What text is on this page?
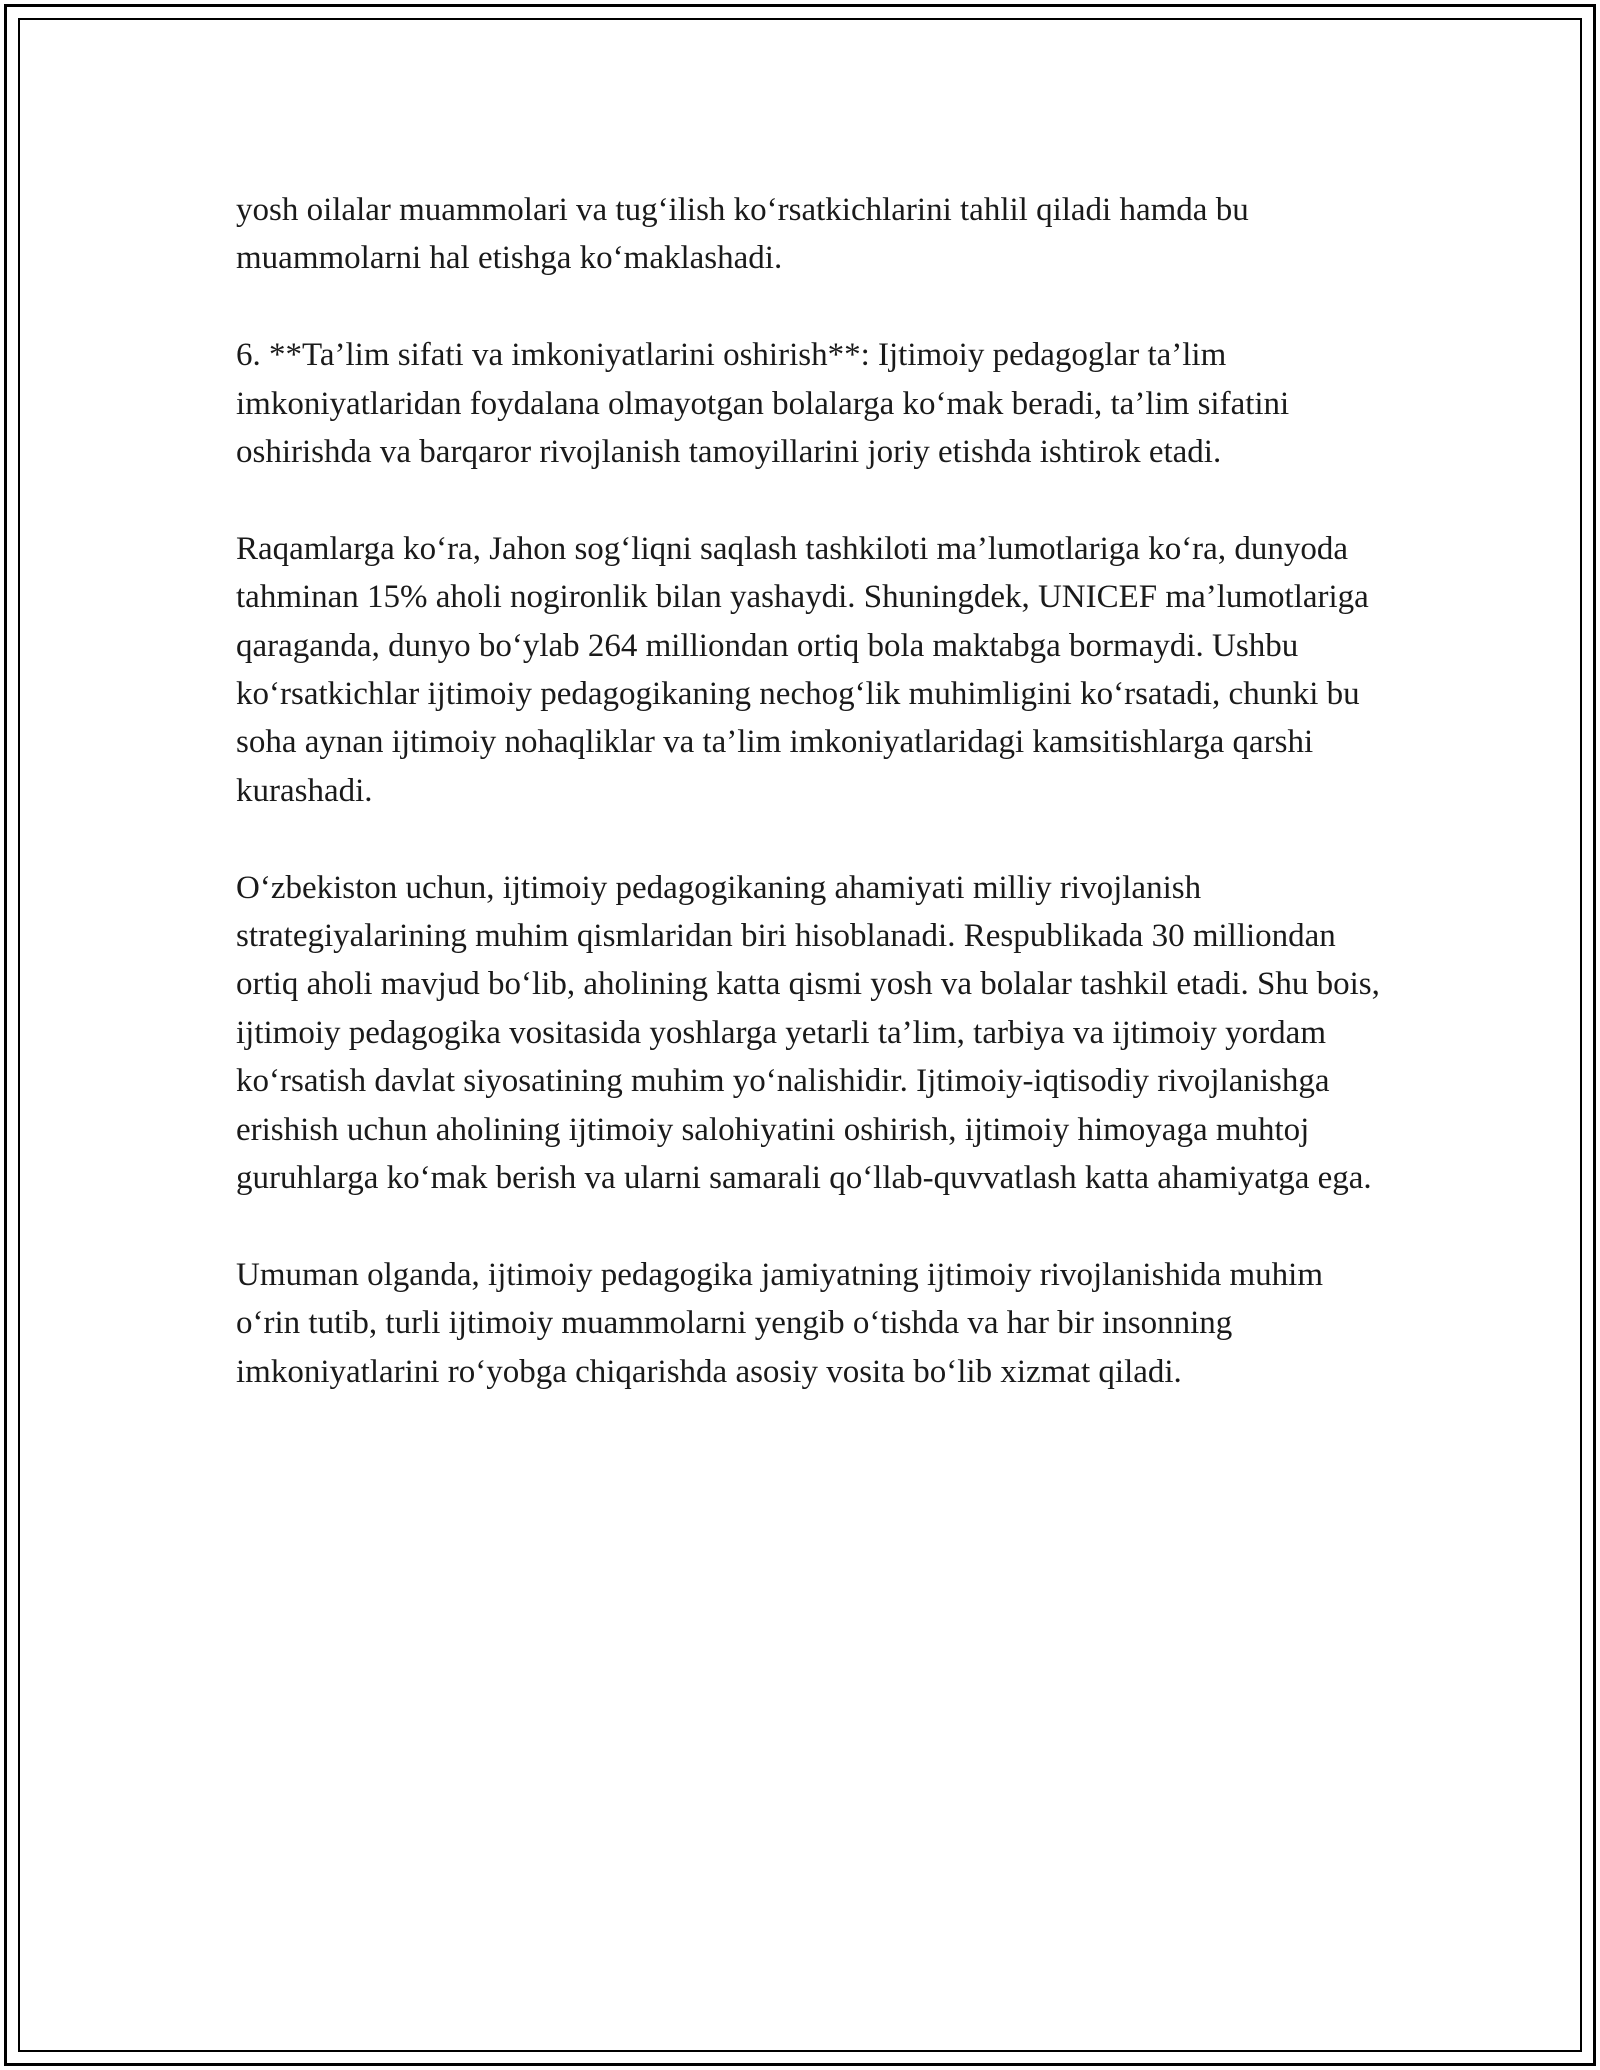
yosh oilalar muammolari va tug‘ilish ko‘rsatkichlarini tahlil qiladi hamda bu muammolarni hal etishga ko‘maklashadi.

6. **Ta’lim sifati va imkoniyatlarini oshirish**: Ijtimoiy pedagoglar ta’lim imkoniyatlaridan foydalana olmayotgan bolalarga ko‘mak beradi, ta’lim sifatini oshirishda va barqaror rivojlanish tamoyillarini joriy etishda ishtirok etadi.

Raqamlarga ko‘ra, Jahon sog‘liqni saqlash tashkiloti ma’lumotlariga ko‘ra, dunyoda tahminan 15% aholi nogironlik bilan yashaydi. Shuningdek, UNICEF ma’lumotlariga qaraganda, dunyo bo‘ylab 264 milliondan ortiq bola maktabga bormaydi. Ushbu ko‘rsatkichlar ijtimoiy pedagogikaning nechog‘lik muhimligini ko‘rsatadi, chunki bu soha aynan ijtimoiy nohaqliklar va ta’lim imkoniyatlaridagi kamsitishlarga qarshi kurashadi.

O‘zbekiston uchun, ijtimoiy pedagogikaning ahamiyati milliy rivojlanish strategiyalarining muhim qismlaridan biri hisoblanadi. Respublikada 30 milliondan ortiq aholi mavjud bo‘lib, aholining katta qismi yosh va bolalar tashkil etadi. Shu bois, ijtimoiy pedagogika vositasida yoshlarga yetarli ta’lim, tarbiya va ijtimoiy yordam ko‘rsatish davlat siyosatining muhim yo‘nalishidir. Ijtimoiy-iqtisodiy rivojlanishga erishish uchun aholining ijtimoiy salohiyatini oshirish, ijtimoiy himoyaga muhtoj guruhlarga ko‘mak berish va ularni samarali qo‘llab-quvvatlash katta ahamiyatga ega.

Umuman olganda, ijtimoiy pedagogika jamiyatning ijtimoiy rivojlanishida muhim o‘rin tutib, turli ijtimoiy muammolarni yengib o‘tishda va har bir insonning imkoniyatlarini ro‘yobga chiqarishda asosiy vosita bo‘lib xizmat qiladi.
